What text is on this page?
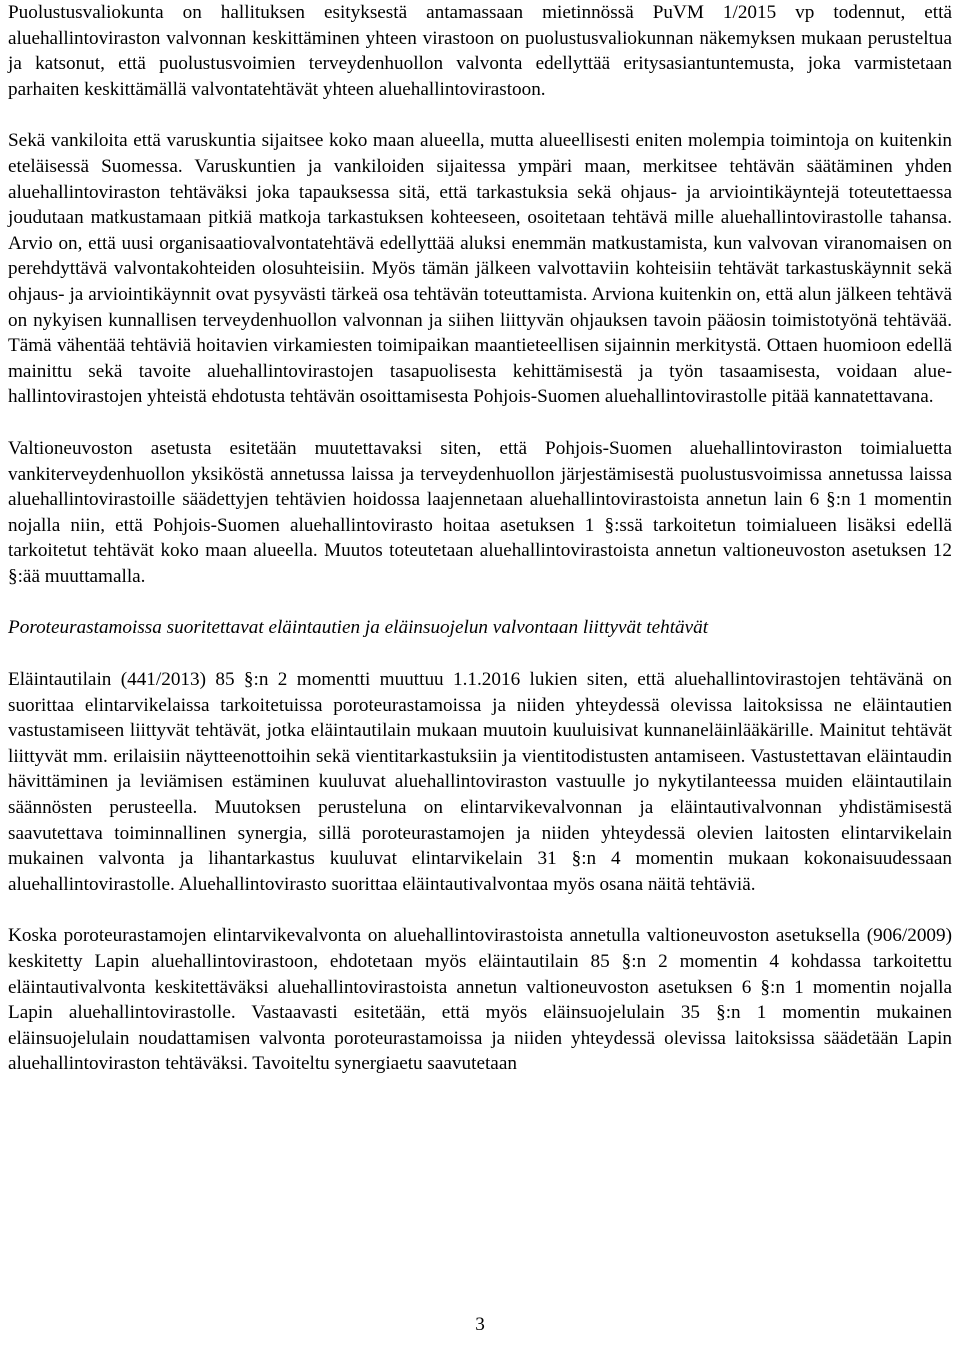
Puolustusvaliokunta on hallituksen esityksestä antamassaan mietinnössä PuVM 1/2015 vp todennut, että aluehallintoviraston valvonnan keskittäminen yhteen virastoon on puolustusvaliokunnan näkemyksen mukaan perusteltua ja katsonut, että puolustusvoimien terveydenhuollon valvonta edellyttää eritysasiantuntemusta, joka varmistetaan parhaiten keskittämällä valvontatehtävät yhteen aluehallintovirastoon.

Sekä vankiloita että varuskuntia sijaitsee koko maan alueella, mutta alueellisesti eniten molempia toimintoja on kuitenkin eteläisessä Suomessa. Varuskuntien ja vankiloiden sijaitessa ympäri maan, merkitsee tehtävän säätäminen yhden aluehallintoviraston tehtäväksi joka tapauksessa sitä, että tarkastuksia sekä ohjaus- ja arviointikäyntejä toteutettaessa joudutaan matkustamaan pitkiä matkoja tarkastuksen kohteeseen, osoitetaan tehtävä mille aluehallintovirastolle tahansa. Arvio on, että uusi organisaatiovalvontatehtävä edellyttää aluksi enemmän matkustamista, kun valvovan viranomaisen on perehdyttävä valvontakohteiden olosuhteisiin. Myös tämän jälkeen valvottaviin kohteisiin tehtävät tarkastuskäynnit sekä ohjaus- ja arviointikäynnit ovat pysyvästi tärkeä osa tehtävän toteuttamista. Arviona kuitenkin on, että alun jälkeen tehtävä on nykyisen kunnallisen terveydenhuollon valvonnan ja siihen liittyvän ohjauksen tavoin pääosin toimistotyönä tehtävää. Tämä vähentää tehtäviä hoitavien virkamiesten toimipaikan maantieteellisen sijainnin merkitystä. Ottaen huomioon edellä mainittu sekä tavoite aluehallintovirastojen tasapuolisesta kehittämisestä ja työn tasaamisesta, voidaan aluehallintovirastojen yhteistä ehdotusta tehtävän osoittamisesta Pohjois-Suomen aluehallintovirastolle pitää kannatettavana.

Valtioneuvoston asetusta esitetään muutettavaksi siten, että Pohjois-Suomen aluehallintoviraston toimialuetta vankiterveydenhuollon yksiköstä annetussa laissa ja terveydenhuollon järjestämisestä puolustusvoimissa annetussa laissa aluehallintovirastoille säädettyjen tehtävien hoidossa laajennetaan aluehallintovirastoista annetun lain 6 §:n 1 momentin nojalla niin, että Pohjois-Suomen aluehallintovirasto hoitaa asetuksen 1 §:ssä tarkoitetun toimialueen lisäksi edellä tarkoitetut tehtävät koko maan alueella. Muutos toteutetaan aluehallintovirastoista annetun valtioneuvoston asetuksen 12 §:ää muuttamalla.

Poroteurastamoissa suoritettavat eläintautien ja eläinsuojelun valvontaan liittyvät tehtävät

Eläintautilain (441/2013) 85 §:n 2 momentti muuttuu 1.1.2016 lukien siten, että aluehallintovirastojen tehtävänä on suorittaa elintarvikelaissa tarkoitetuissa poroteurastamoissa ja niiden yhteydessä olevissa laitoksissa ne eläintautien vastustamiseen liittyvät tehtävät, jotka eläintautilain mukaan muutoin kuuluisivat kunnaneläinlääkärille. Mainitut tehtävät liittyvät mm. erilaisiin näytteenottoihin sekä vientitarkastuksiin ja vientitodistusten antamiseen. Vastustettavan eläintaudin hävittäminen ja leviämisen estäminen kuuluvat aluehallintoviraston vastuulle jo nykytilanteessa muiden eläintautilain säännösten perusteella. Muutoksen perusteluna on elintarvikevalvonnan ja eläintautivalvonnan yhdistämisestä saavutettava toiminnallinen synergia, sillä poroteurastamojen ja niiden yhteydessä olevien laitosten elintarvikelain mukainen valvonta ja lihantarkastus kuuluvat elintarvikelain 31 §:n 4 momentin mukaan kokonaisuudessaan aluehallintovirastolle. Aluehallintovirasto suorittaa eläintautivalvontaa myös osana näitä tehtäviä.

Koska poroteurastamojen elintarvikevalvonta on aluehallintovirastoista annetulla valtioneuvoston asetuksella (906/2009) keskitetty Lapin aluehallintovirastoon, ehdotetaan myös eläintautilain 85 §:n 2 momentin 4 kohdassa tarkoitettu eläintautivalvonta keskitettäväksi aluehallintovirastoista annetun valtioneuvoston asetuksen 6 §:n 1 momentin nojalla Lapin aluehallintovirastolle. Vastaavasti esitetään, että myös eläinsuojelulain 35 §:n 1 momentin mukainen eläinsuojelulain noudattamisen valvonta poroteurastamoissa ja niiden yhteydessä olevissa laitoksissa säädetään Lapin aluehallintoviraston tehtäväksi. Tavoiteltu synergiaetu saavutetaan

3
